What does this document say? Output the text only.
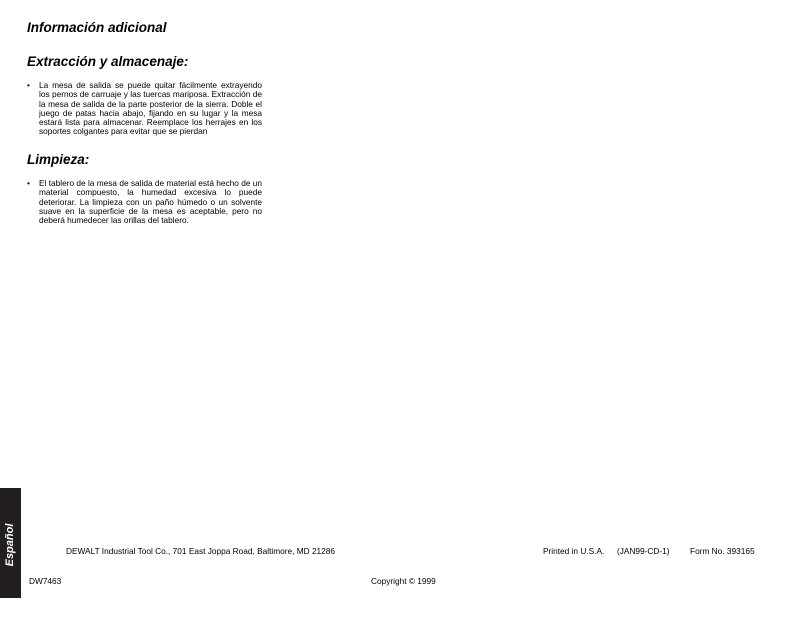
Información adicional
Extracción y almacenaje:
•	La mesa de salida se puede quitar fácilmente extrayendo los pernos de carruaje y las tuercas mariposa. Extracción de la mesa de salida de la parte posterior de la sierra. Doble el juego de patas hacia abajo, fijando en su lugar y la mesa estará lista para almacenar. Reemplace los herrajes en los soportes colgantes para evitar que se pierdan
Limpieza:
•	El tablero de la mesa de salida de material está hecho de un material compuesto, la humedad excesiva lo puede deteriorar. La limpieza con un paño húmedo o un solvente suave en la superficie de la mesa es aceptable, pero no deberá humedecer las orillas del tablero.
Español	DEWALT Industrial Tool Co., 701 East Joppa Road, Baltimore, MD 21286	Printed in U.S.A. (JAN99-CD-1) Form No. 393165
DW7463	Copyright © 1999
